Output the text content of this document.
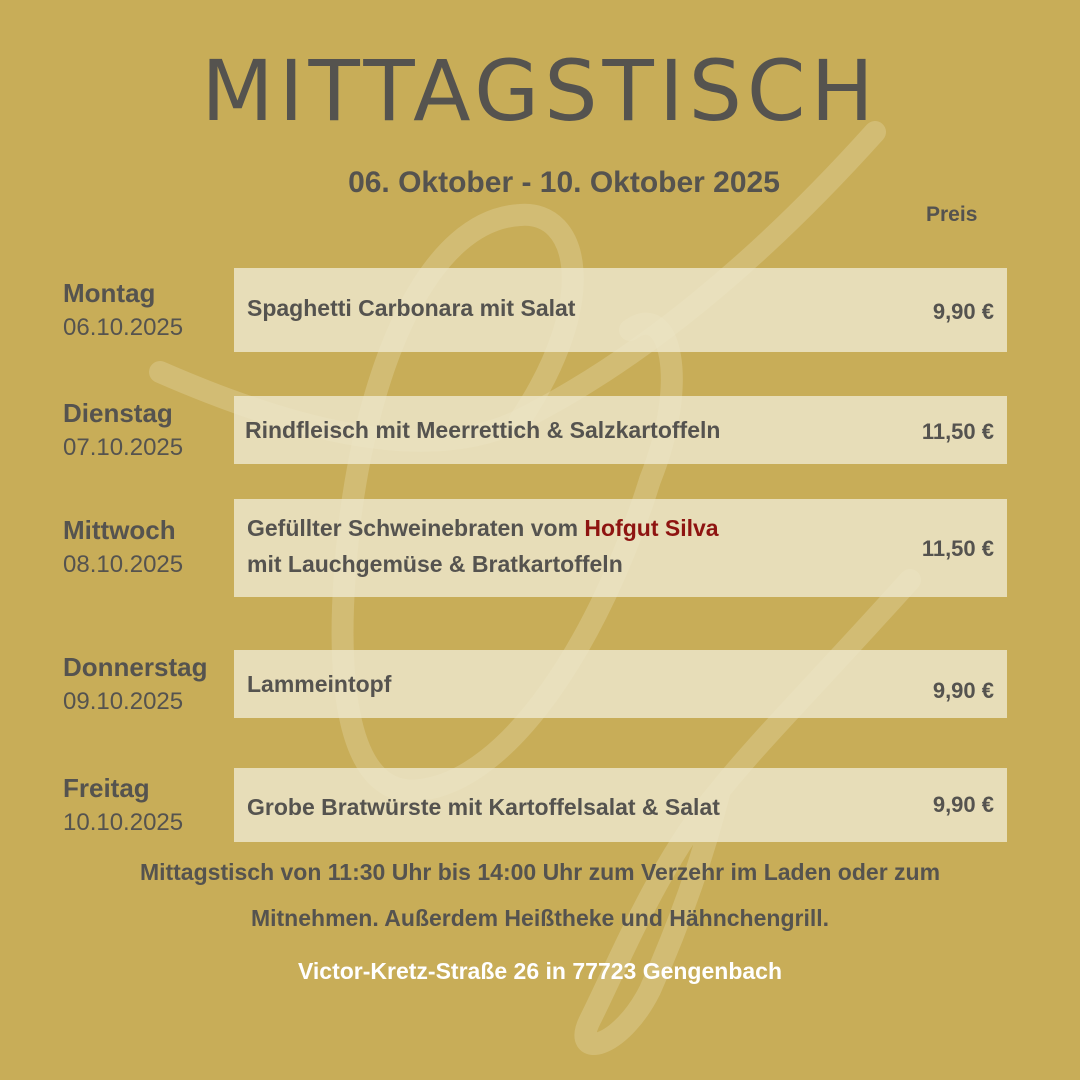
MITTAGSTISCH
06. Oktober - 10. Oktober 2025
Preis
Montag
06.10.2025
Spaghetti Carbonara mit Salat	9,90 €
Dienstag
07.10.2025
Rindfleisch mit Meerrettich & Salzkartoffeln	11,50 €
Mittwoch
08.10.2025
Gefüllter Schweinebraten vom Hofgut Silva
mit Lauchgemüse & Bratkartoffeln
11,50 €
Donnerstag
09.10.2025
Lammeintopf	9,90 €
Freitag
10.10.2025
Grobe Bratwürste mit Kartoffelsalat & Salat	9,90 €
Mittagstisch von 11:30 Uhr bis 14:00 Uhr zum Verzehr im Laden oder zum
Mitnehmen. Außerdem Heißtheke und Hähnchengrill.
Victor-Kretz-Straße 26 in 77723 Gengenbach
